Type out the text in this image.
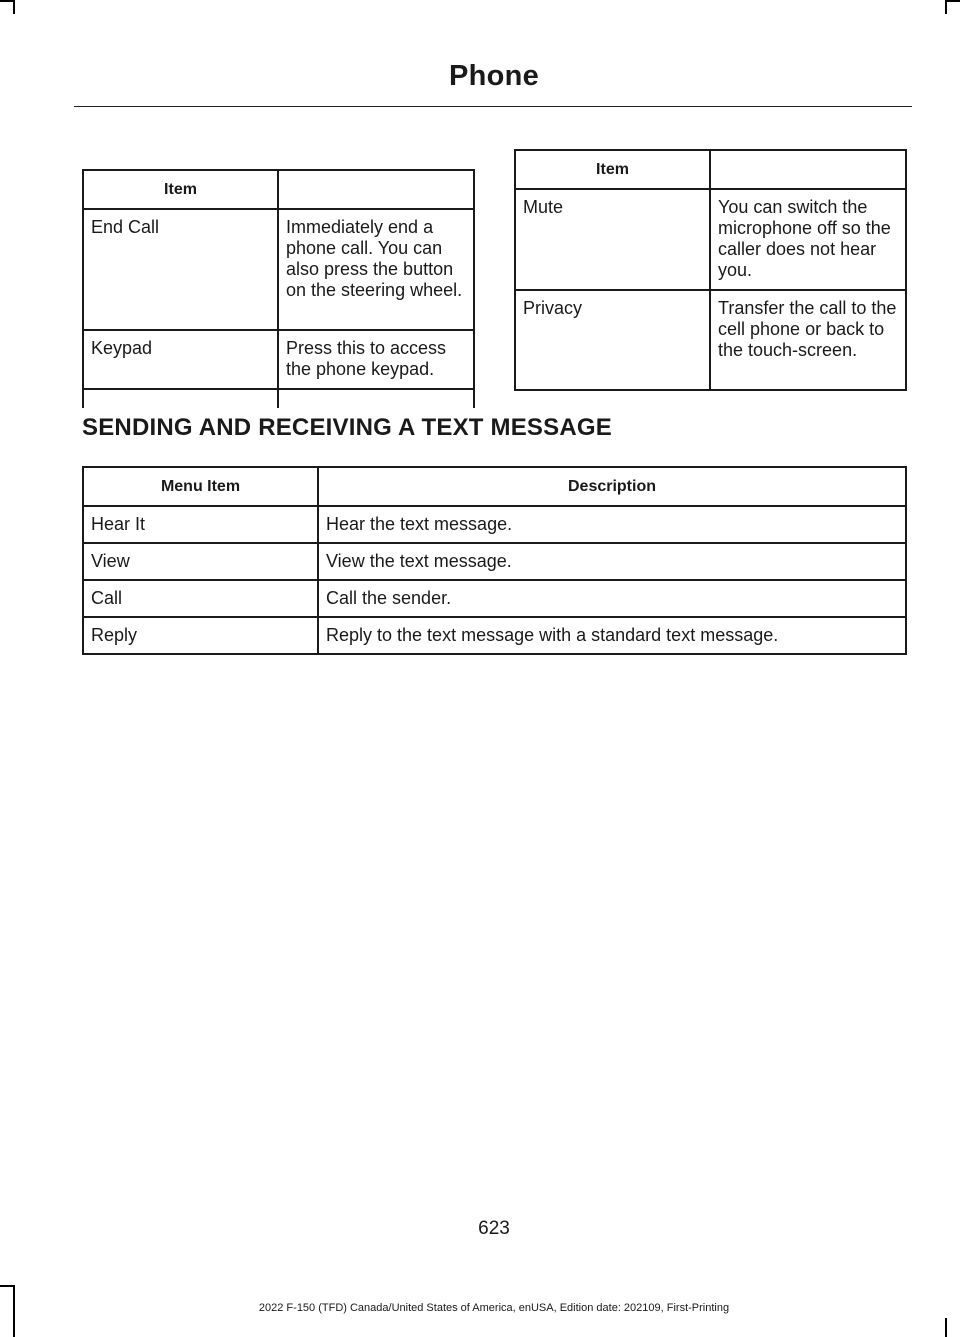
Phone
Item	
End Call	Immediately end a phone call. You can also press the button on the steering wheel.
Keypad	Press this to access the phone keypad.

Item	
Mute	You can switch the microphone off so the caller does not hear you.
Privacy	Transfer the call to the cell phone or back to the touch-screen.
SENDING AND RECEIVING A TEXT MESSAGE
Menu Item	Description
Hear It	Hear the text message.
View	View the text message.
Call	Call the sender.
Reply	Reply to the text message with a standard text message.
623
2022 F-150 (TFD) Canada/United States of America, enUSA, Edition date: 202109, First-Printing
